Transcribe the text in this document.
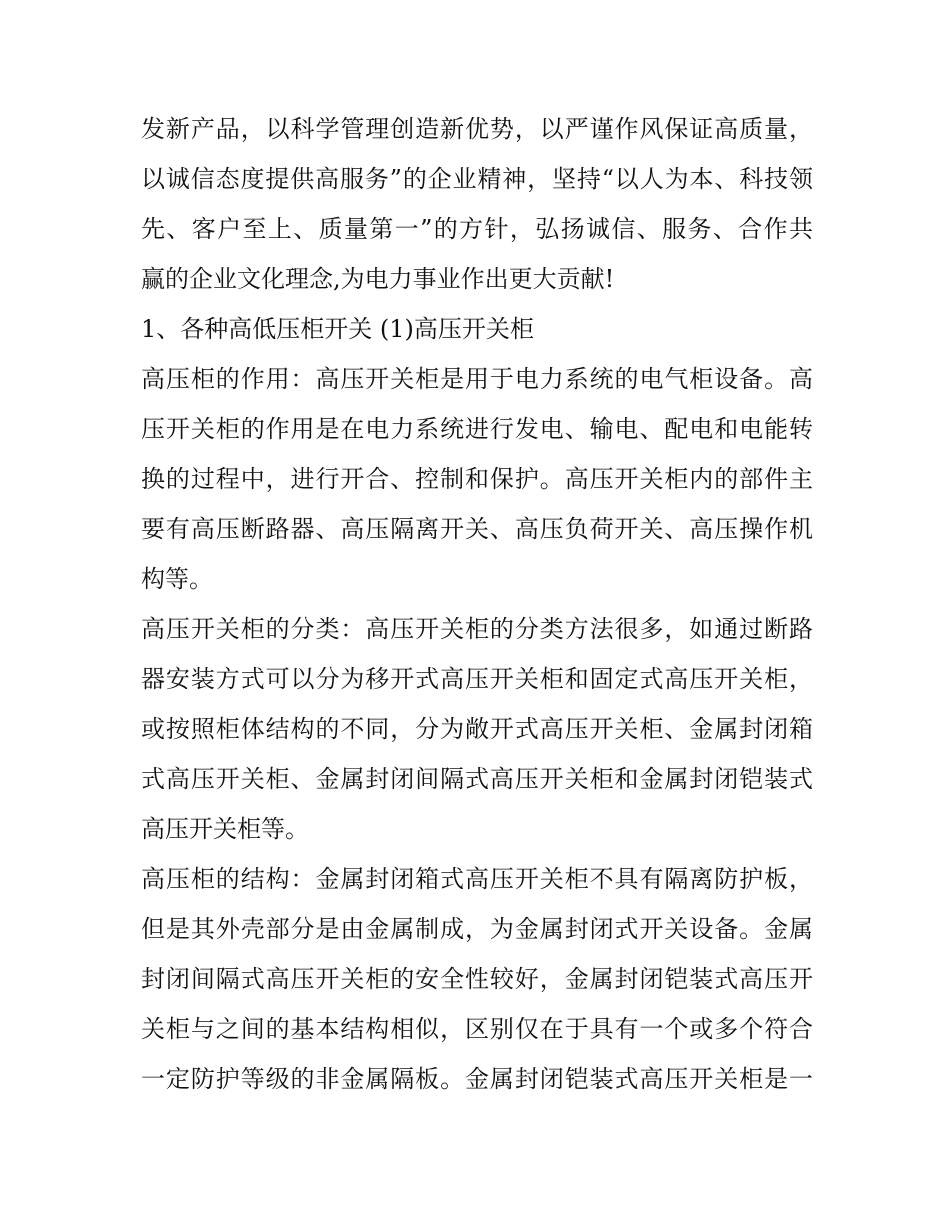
发新产品，以科学管理创造新优势，以严谨作风保证高质量，
以诚信态度提供高服务”的企业精神，坚持“以人为本、科技领
先、客户至上、质量第一”的方针，弘扬诚信、服务、合作共
赢的企业文化理念,为电力事业作出更大贡献!
1、各种高低压柜开关 (1)高压开关柜
高压柜的作用：高压开关柜是用于电力系统的电气柜设备。高
压开关柜的作用是在电力系统进行发电、输电、配电和电能转
换的过程中，进行开合、控制和保护。高压开关柜内的部件主
要有高压断路器、高压隔离开关、高压负荷开关、高压操作机
构等。
高压开关柜的分类：高压开关柜的分类方法很多，如通过断路
器安装方式可以分为移开式高压开关柜和固定式高压开关柜，
或按照柜体结构的不同，分为敞开式高压开关柜、金属封闭箱
式高压开关柜、金属封闭间隔式高压开关柜和金属封闭铠装式
高压开关柜等。
高压柜的结构：金属封闭箱式高压开关柜不具有隔离防护板，
但是其外壳部分是由金属制成，为金属封闭式开关设备。金属
封闭间隔式高压开关柜的安全性较好，金属封闭铠装式高压开
关柜与之间的基本结构相似，区别仅在于具有一个或多个符合
一定防护等级的非金属隔板。金属封闭铠装式高压开关柜是一
